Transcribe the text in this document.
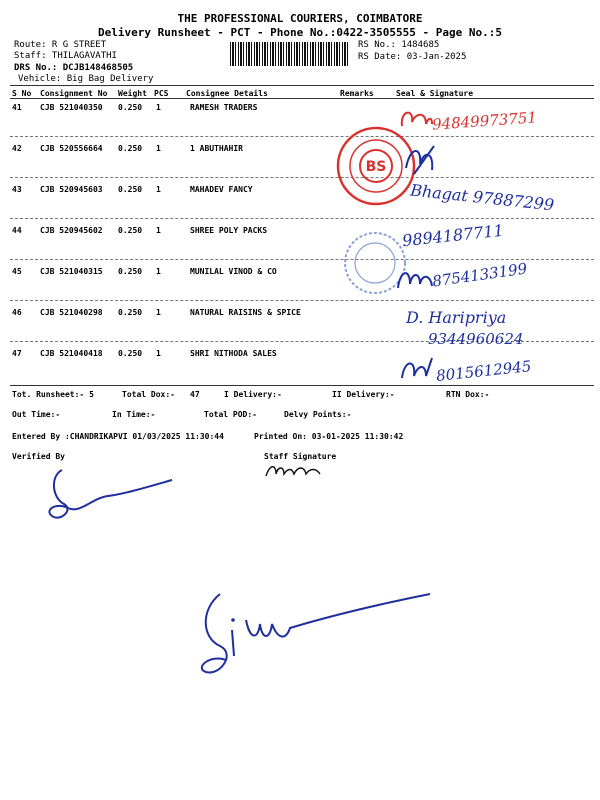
THE PROFESSIONAL COURIERS, COIMBATORE
Delivery Runsheet - PCT - Phone No.:0422-3505555 - Page No.:5
Route: R G STREET
Staff: THILAGAVATHI
DRS No.: DCJB148468505
Vehicle: Big Bag Delivery
RS No.: 1484685
RS Date: 03-Jan-2025
S No Consignment No Weight PCS Consignee Details	Remarks	Seal & Signature
41 CJB 521040350 0.250 1	RAMESH TRADERS
42 CJB 520556664 0.250 1	1 ABUTHAHIR
43 CJB 520945603 0.250 1	MAHADEV FANCY
44 CJB 520945602 0.250 1	SHREE POLY PACKS
45 CJB 521040315 0.250 1	MUNILAL VINOD & CO
46 CJB 521040298 0.250 1	NATURAL RAISINS & SPICE
47 CJB 521040418 0.250 1	SHRI NITHODA SALES
Tot. Runsheet:- 5	Total Dox:- 47	I Delivery:-	II Delivery:-	RTN Dox:-
Out Time:-	In Time:-	Total POD:-	Delvy Points:-
Entered By :CHANDRIKAPVI 01/03/2025 11:30:44	Printed On: 03-01-2025 11:30:42
Verified By	Staff Signature
BS
94849973751
Bhagat 97887299
9894187711
8754133199
D. Haripriya
9344960624
8015612945
